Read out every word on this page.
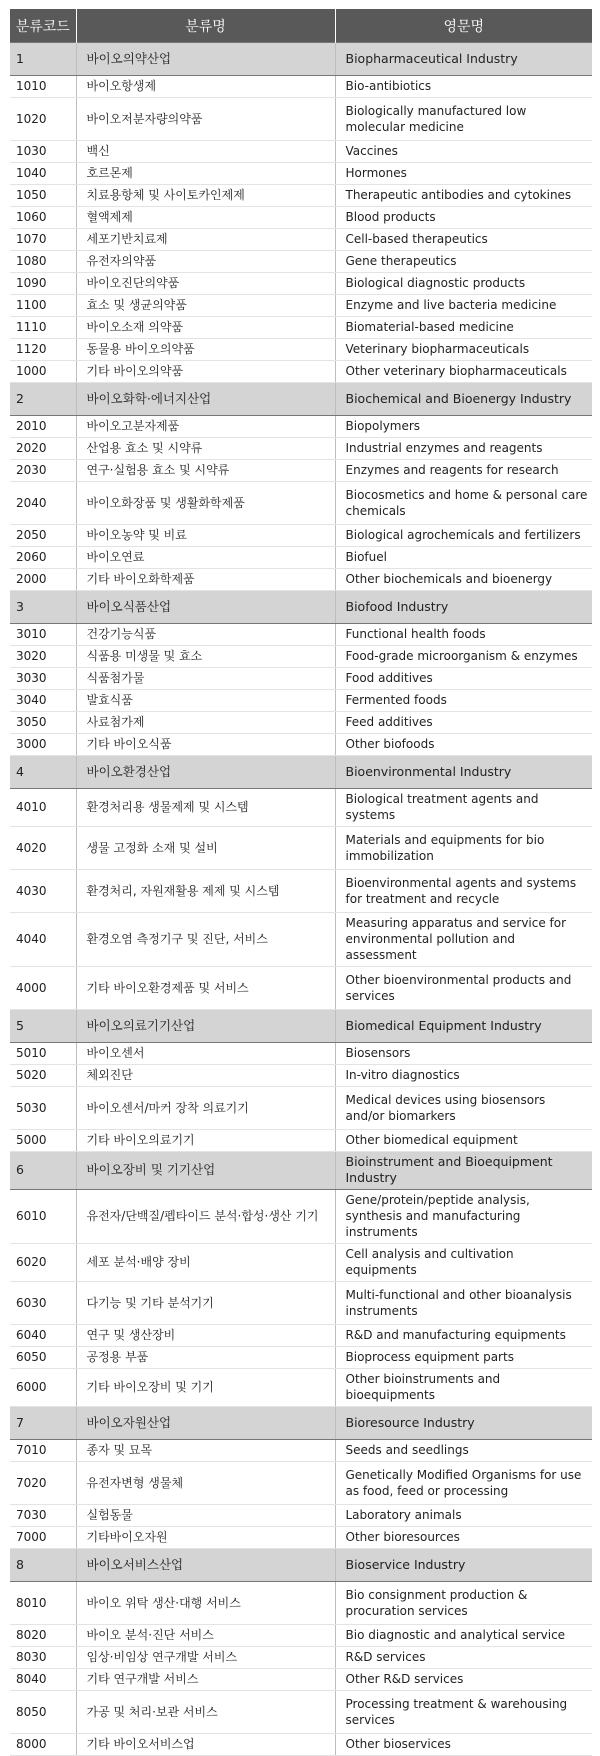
분류코드	분류명	영문명
1	바이오의약산업	Biopharmaceutical Industry
1010	바이오항생제	Bio-antibiotics
1020	바이오저분자량의약품	Biologically manufactured low molecular medicine
1030	백신	Vaccines
1040	호르몬제	Hormones
1050	치료용항체 및 사이토카인제제	Therapeutic antibodies and cytokines
1060	혈액제제	Blood products
1070	세포기반치료제	Cell-based therapeutics
1080	유전자의약품	Gene therapeutics
1090	바이오진단의약품	Biological diagnostic products
1100	효소 및 생균의약품	Enzyme and live bacteria medicine
1110	바이오소재 의약품	Biomaterial-based medicine
1120	동물용 바이오의약품	Veterinary biopharmaceuticals
1000	기타 바이오의약품	Other veterinary biopharmaceuticals
2	바이오화학·에너지산업	Biochemical and Bioenergy Industry
2010	바이오고분자제품	Biopolymers
2020	산업용 효소 및 시약류	Industrial enzymes and reagents
2030	연구·실험용 효소 및 시약류	Enzymes and reagents for research
2040	바이오화장품 및 생활화학제품	Biocosmetics and home & personal care chemicals
2050	바이오농약 및 비료	Biological agrochemicals and fertilizers
2060	바이오연료	Biofuel
2000	기타 바이오화학제품	Other biochemicals and bioenergy
3	바이오식품산업	Biofood Industry
3010	건강기능식품	Functional health foods
3020	식품용 미생물 및 효소	Food-grade microorganism & enzymes
3030	식품첨가물	Food additives
3040	발효식품	Fermented foods
3050	사료첨가제	Feed additives
3000	기타 바이오식품	Other biofoods
4	바이오환경산업	Bioenvironmental Industry
4010	환경처리용 생물제제 및 시스템	Biological treatment agents and systems
4020	생물 고정화 소재 및 설비	Materials and equipments for bio immobilization
4030	환경처리, 자원재활용 제제 및 시스템	Bioenvironmental agents and systems for treatment and recycle
4040	환경오염 측정기구 및 진단, 서비스	Measuring apparatus and service for environmental pollution and assessment
4000	기타 바이오환경제품 및 서비스	Other bioenvironmental products and services
5	바이오의료기기산업	Biomedical Equipment Industry
5010	바이오센서	Biosensors
5020	체외진단	In-vitro diagnostics
5030	바이오센서/마커 장착 의료기기	Medical devices using biosensors and/or biomarkers
5000	기타 바이오의료기기	Other biomedical equipment
6	바이오장비 및 기기산업	Bioinstrument and Bioequipment Industry
6010	유전자/단백질/펩타이드 분석·합성·생산 기기	Gene/protein/peptide analysis, synthesis and manufacturing instruments
6020	세포 분석·배양 장비	Cell analysis and cultivation equipments
6030	다기능 및 기타 분석기기	Multi-functional and other bioanalysis instruments
6040	연구 및 생산장비	R&D and manufacturing equipments
6050	공정용 부품	Bioprocess equipment parts
6000	기타 바이오장비 및 기기	Other bioinstruments and bioequipments
7	바이오자원산업	Bioresource Industry
7010	종자 및 묘목	Seeds and seedlings
7020	유전자변형 생물체	Genetically Modified Organisms for use as food, feed or processing
7030	실험동물	Laboratory animals
7000	기타바이오자원	Other bioresources
8	바이오서비스산업	Bioservice Industry
8010	바이오 위탁 생산·대행 서비스	Bio consignment production & procuration services
8020	바이오 분석·진단 서비스	Bio diagnostic and analytical service
8030	임상·비임상 연구개발 서비스	R&D services
8040	기타 연구개발 서비스	Other R&D services
8050	가공 및 처리·보관 서비스	Processing treatment & warehousing services
8000	기타 바이오서비스업	Other bioservices
